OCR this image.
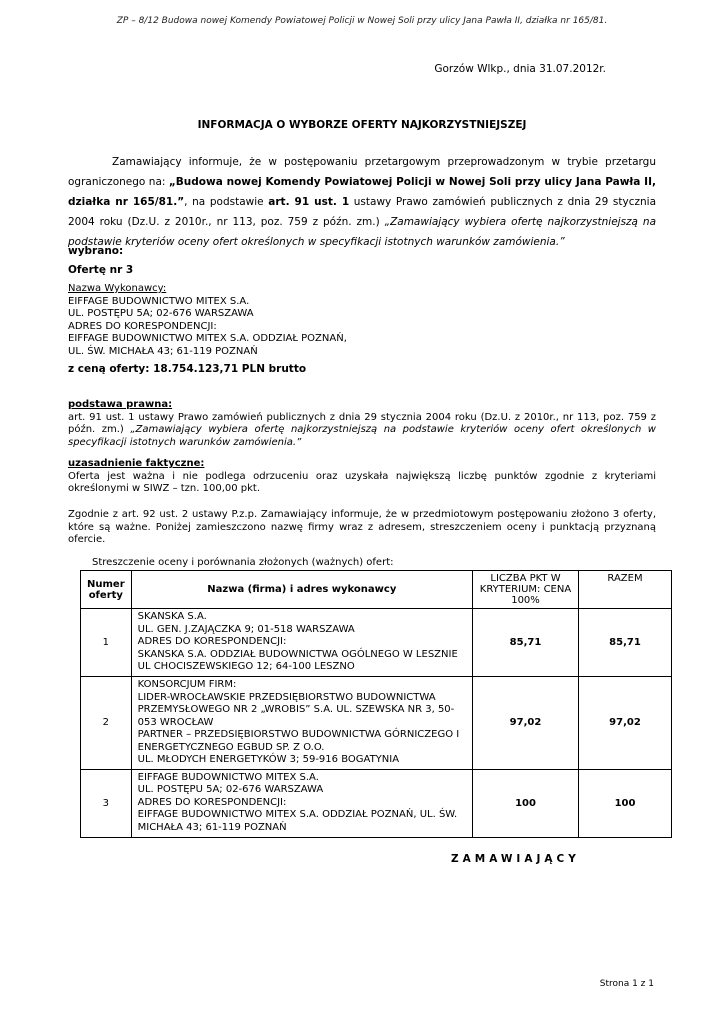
ZP – 8/12 Budowa nowej Komendy Powiatowej Policji w Nowej Soli przy ulicy Jana Pawła II, działka nr 165/81.
Gorzów Wlkp., dnia 31.07.2012r.
INFORMACJA O WYBORZE OFERTY NAJKORZYSTNIEJSZEJ
Zamawiający informuje, że w postępowaniu przetargowym przeprowadzonym w trybie przetargu ograniczonego na: „Budowa nowej Komendy Powiatowej Policji w Nowej Soli przy ulicy Jana Pawła II, działka nr 165/81.”, na podstawie art. 91 ust. 1 ustawy Prawo zamówień publicznych z dnia 29 stycznia 2004 roku (Dz.U. z 2010r., nr 113, poz. 759 z późn. zm.) „Zamawiający wybiera ofertę najkorzystniejszą na podstawie kryteriów oceny ofert określonych w specyfikacji istotnych warunków zamówienia.”
wybrano:
Ofertę nr 3
Nazwa Wykonawcy:
EIFFAGE BUDOWNICTWO MITEX S.A.
UL. POSTĘPU 5A; 02-676 WARSZAWA
ADRES DO KORESPONDENCJI:
EIFFAGE BUDOWNICTWO MITEX S.A. ODDZIAŁ POZNAŃ,
UL. ŚW. MICHAŁA 43; 61-119 POZNAŃ
z ceną oferty: 18.754.123,71 PLN brutto
podstawa prawna:
art. 91 ust. 1 ustawy Prawo zamówień publicznych z dnia 29 stycznia 2004 roku (Dz.U. z 2010r., nr 113, poz. 759 z późn. zm.) „Zamawiający wybiera ofertę najkorzystniejszą na podstawie kryteriów oceny ofert określonych w specyfikacji istotnych warunków zamówienia.”
uzasadnienie faktyczne:
Oferta jest ważna i nie podlega odrzuceniu oraz uzyskała największą liczbę punktów zgodnie z kryteriami określonymi w SIWZ – tzn. 100,00 pkt.
Zgodnie z art. 92 ust. 2 ustawy P.z.p. Zamawiający informuje, że w przedmiotowym postępowaniu złożono 3 oferty, które są ważne. Poniżej zamieszczono nazwę firmy wraz z adresem, streszczeniem oceny i punktacją przyznaną ofercie.
Streszczenie oceny i porównania złożonych (ważnych) ofert:
Numer oferty	Nazwa (firma) i adres wykonawcy	LICZBA PKT W KRYTERIUM: CENA 100%	RAZEM
1	SKANSKA S.A.
UL. GEN. J.ZAJĄCZKA 9; 01-518 WARSZAWA
ADRES DO KORESPONDENCJI:
SKANSKA S.A. ODDZIAŁ BUDOWNICTWA OGÓLNEGO W LESZNIE UL CHOCISZEWSKIEGO 12; 64-100 LESZNO	85,71	85,71
2	KONSORCJUM FIRM:
LIDER-WROCŁAWSKIE PRZEDSIĘBIORSTWO BUDOWNICTWA PRZEMYSŁOWEGO NR 2 „WROBIS” S.A. UL. SZEWSKA NR 3, 50-053 WROCŁAW
PARTNER – PRZEDSIĘBIORSTWO BUDOWNICTWA GÓRNICZEGO I ENERGETYCZNEGO EGBUD SP. Z O.O.
UL. MŁODYCH ENERGETYKÓW 3; 59-916 BOGATYNIA	97,02	97,02
3	EIFFAGE BUDOWNICTWO MITEX S.A.
UL. POSTĘPU 5A; 02-676 WARSZAWA
ADRES DO KORESPONDENCJI:
EIFFAGE BUDOWNICTWO MITEX S.A. ODDZIAŁ POZNAŃ, UL. ŚW. MICHAŁA 43; 61-119 POZNAŃ	100	100
ZAMAWIAJĄCY
Strona 1 z 1
